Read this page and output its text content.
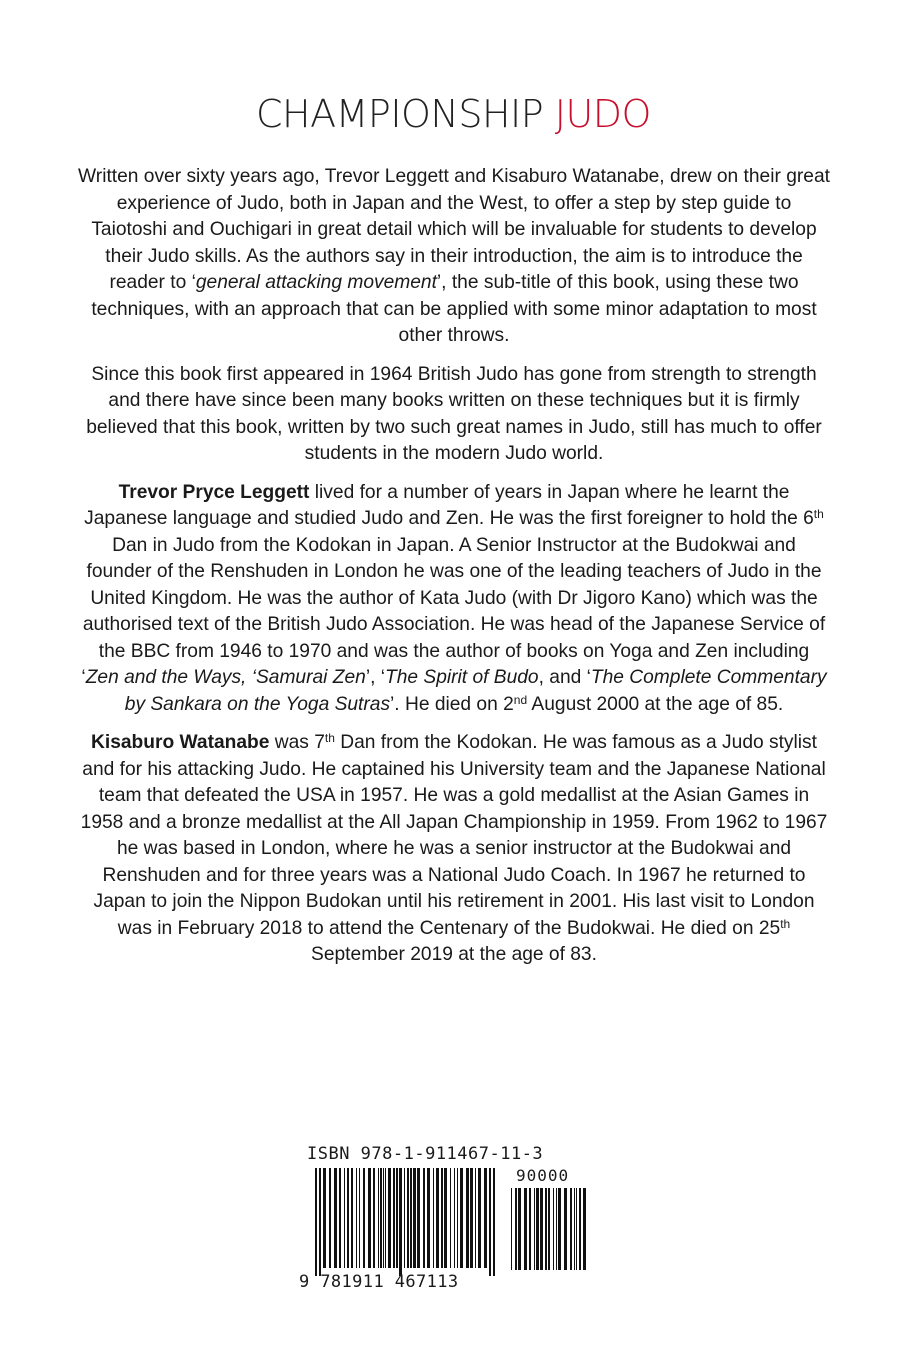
CHAMPIONSHIP JUDO

Written over sixty years ago, Trevor Leggett and Kisaburo Watanabe, drew on their great experience of Judo, both in Japan and the West, to offer a step by step guide to Taiotoshi and Ouchigari in great detail which will be invaluable for students to develop their Judo skills. As the authors say in their introduction, the aim is to introduce the reader to ‘general attacking movement’, the sub-title of this book, using these two techniques, with an approach that can be applied with some minor adaptation to most other throws.

Since this book first appeared in 1964 British Judo has gone from strength to strength and there have since been many books written on these techniques but it is firmly believed that this book, written by two such great names in Judo, still has much to offer students in the modern Judo world.

Trevor Pryce Leggett lived for a number of years in Japan where he learnt the Japanese language and studied Judo and Zen. He was the first foreigner to hold the 6th Dan in Judo from the Kodokan in Japan. A Senior Instructor at the Budokwai and founder of the Renshuden in London he was one of the leading teachers of Judo in the United Kingdom. He was the author of Kata Judo (with Dr Jigoro Kano) which was the authorised text of the British Judo Association. He was head of the Japanese Service of the BBC from 1946 to 1970 and was the author of books on Yoga and Zen including ‘Zen and the Ways, ‘Samurai Zen’, ‘The Spirit of Budo, and ‘The Complete Commentary by Sankara on the Yoga Sutras’. He died on 2nd August 2000 at the age of 85.

Kisaburo Watanabe was 7th Dan from the Kodokan. He was famous as a Judo stylist and for his attacking Judo. He captained his University team and the Japanese National team that defeated the USA in 1957. He was a gold medallist at the Asian Games in 1958 and a bronze medallist at the All Japan Championship in 1959. From 1962 to 1967 he was based in London, where he was a senior instructor at the Budokwai and Renshuden and for three years was a National Judo Coach. In 1967 he returned to Japan to join the Nippon Budokan until his retirement in 2001. His last visit to London was in February 2018 to attend the Centenary of the Budokwai. He died on 25th September 2019 at the age of 83.

ISBN 978-1-911467-11-3
90000
9 781911 467113
